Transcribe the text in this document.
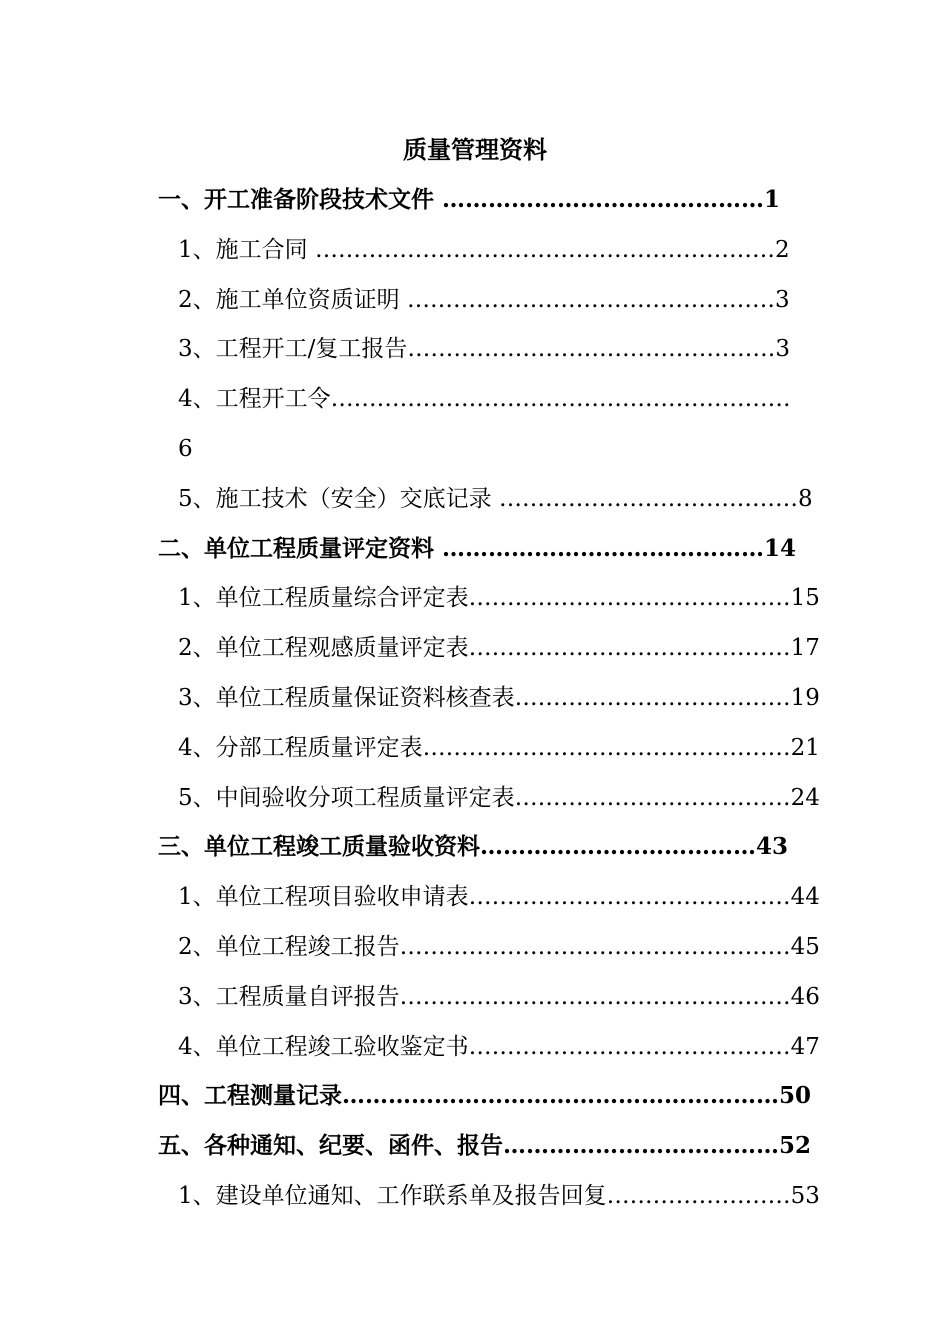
质量管理资料
一、开工准备阶段技术文件 ……………………………………1
1、施工合同 ……………………………………………………2
2、施工单位资质证明 …………………………………………3
3、工程开工/复工报告…………………………………………3
4、工程开工令……………………………………………………
6
5、施工技术（安全）交底记录 …………………………………8
二、单位工程质量评定资料 ……………………………………14
1、单位工程质量综合评定表……………………………………15
2、单位工程观感质量评定表……………………………………17
3、单位工程质量保证资料核查表………………………………19
4、分部工程质量评定表…………………………………………21
5、中间验收分项工程质量评定表………………………………24
三、单位工程竣工质量验收资料………………………………43
1、单位工程项目验收申请表……………………………………44
2、单位工程竣工报告……………………………………………45
3、工程质量自评报告……………………………………………46
4、单位工程竣工验收鉴定书……………………………………47
四、工程测量记录…………………………………………………50
五、各种通知、纪要、函件、报告………………………………52
1、建设单位通知、工作联系单及报告回复……………………53
